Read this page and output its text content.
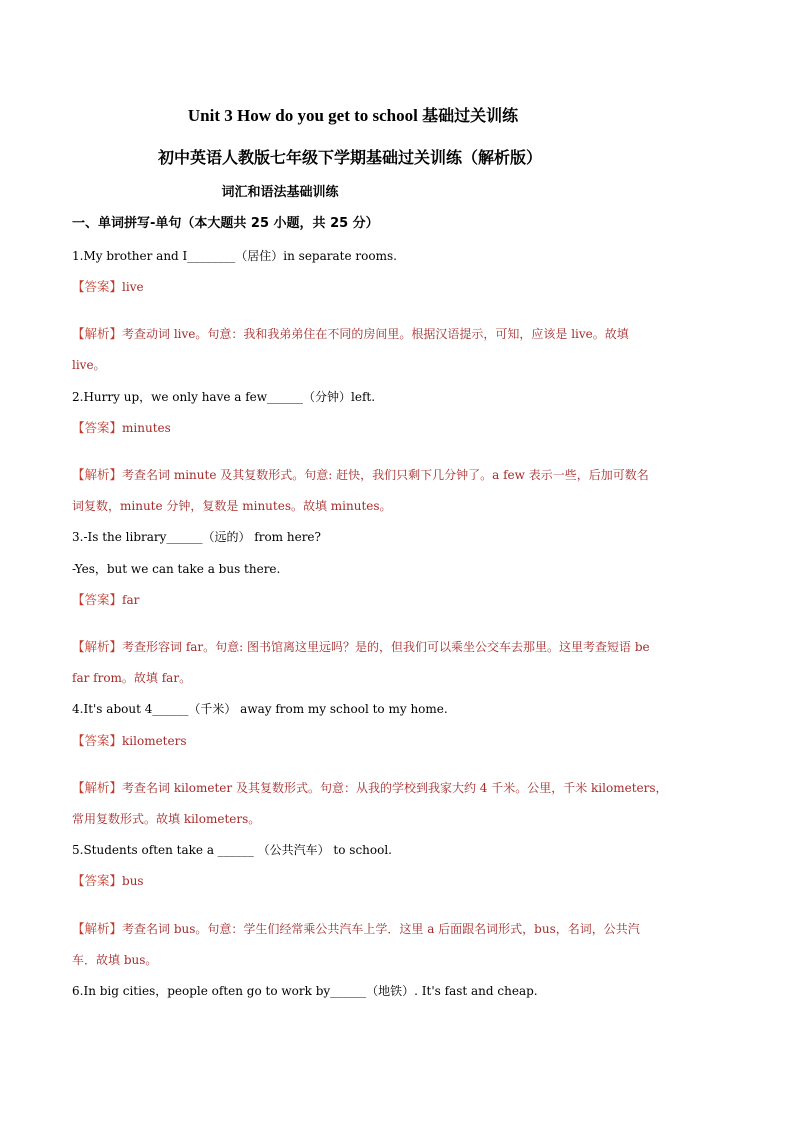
Unit 3 How do you get to school 基础过关训练
初中英语人教版七年级下学期基础过关训练（解析版）
词汇和语法基础训练
一、单词拼写-单句（本大题共 25 小题，共 25 分）
1.My brother and I________（居住）in separate rooms.
【答案】live
【解析】考查动词 live。句意：我和我弟弟住在不同的房间里。根据汉语提示，可知，应该是 live。故填
live。
2.Hurry up，we only have a few______（分钟）left.
【答案】minutes
【解析】考查名词 minute 及其复数形式。句意: 赶快，我们只剩下几分钟了。a few 表示一些，后加可数名
词复数，minute 分钟，复数是 minutes。故填 minutes。
3.-Is the library______（远的） from here?
-Yes，but we can take a bus there.
【答案】far
【解析】考查形容词 far。句意: 图书馆离这里远吗？是的，但我们可以乘坐公交车去那里。这里考查短语 be
far from。故填 far。
4.It's about 4______（千米） away from my school to my home.
【答案】kilometers
【解析】考查名词 kilometer 及其复数形式。句意：从我的学校到我家大约 4 千米。公里，千米 kilometers，
常用复数形式。故填 kilometers。
5.Students often take a ______ （公共汽车） to school.
【答案】bus
【解析】考查名词 bus。句意：学生们经常乘公共汽车上学．这里 a 后面跟名词形式，bus，名词，公共汽
车．故填 bus。
6.In big cities，people often go to work by______（地铁）. It's fast and cheap.
